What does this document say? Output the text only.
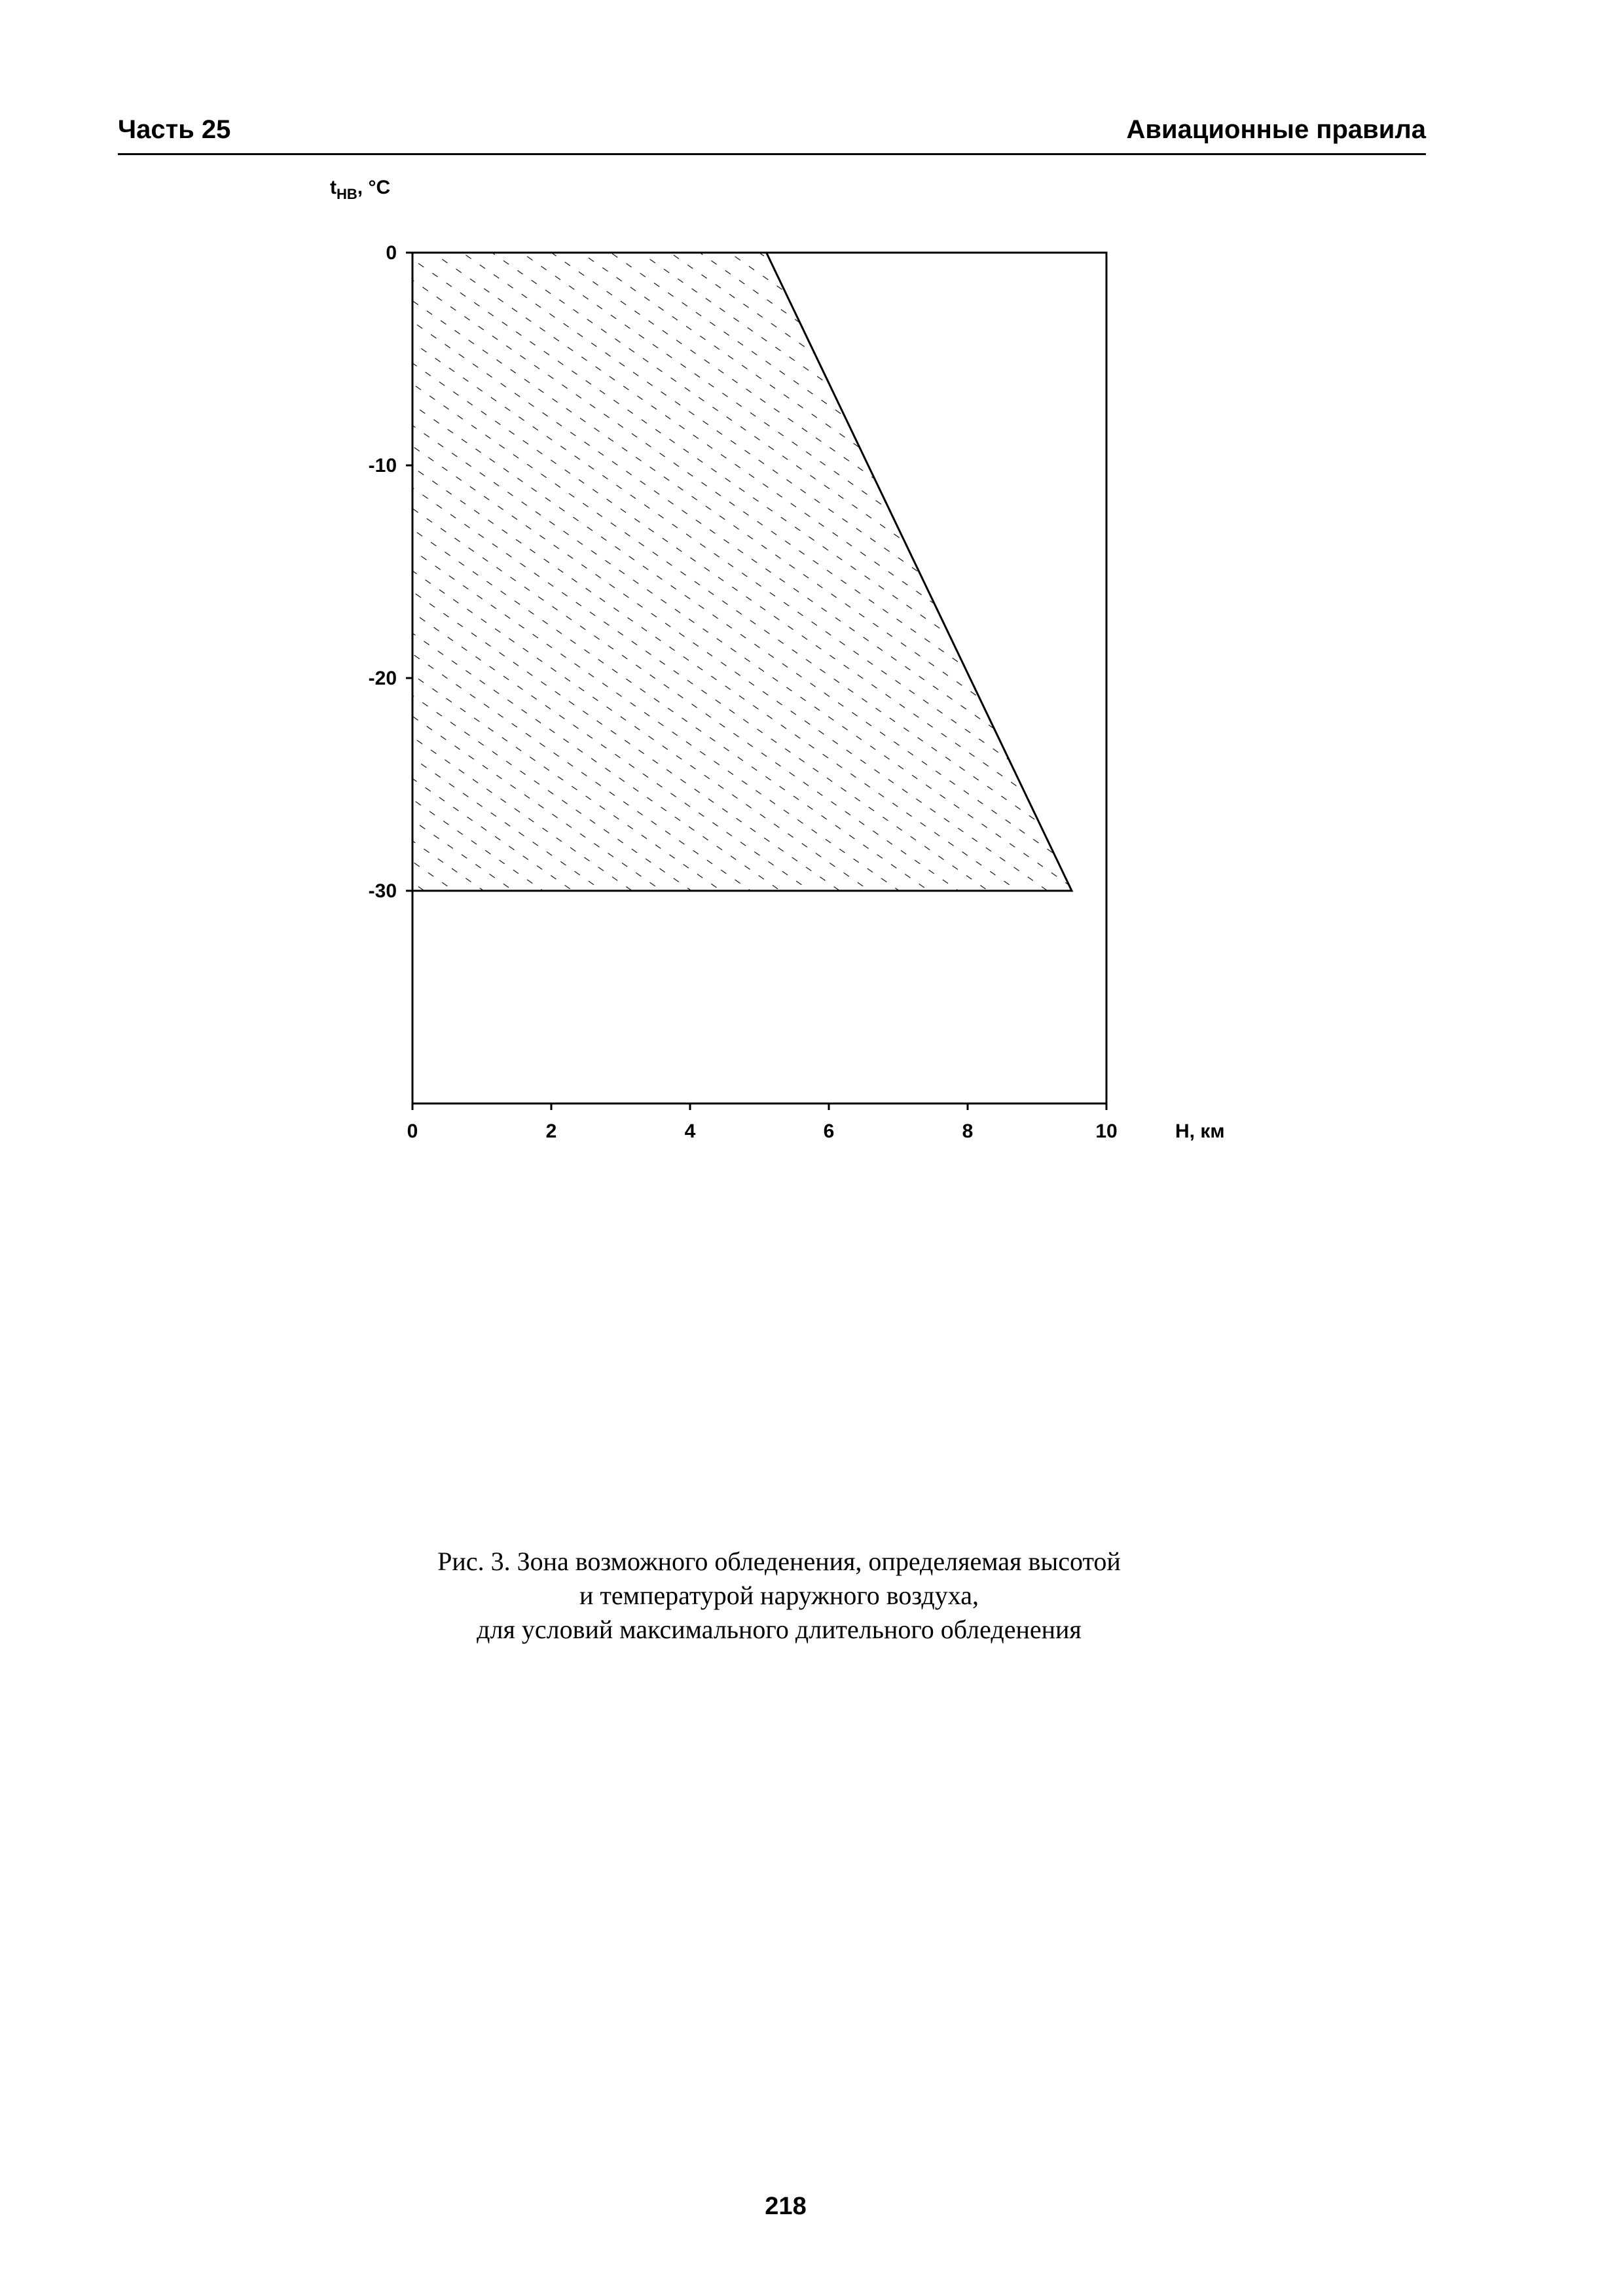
Часть 25	Авиационные правила
$t_{НВ}$, °С
0
-10
-20
-30
0	2	4	6	8	10	Н, км
Рис. 3. Зона возможного обледенения, определяемая высотой
и температурой наружного воздуха,
для условий максимального длительного обледенения
218
